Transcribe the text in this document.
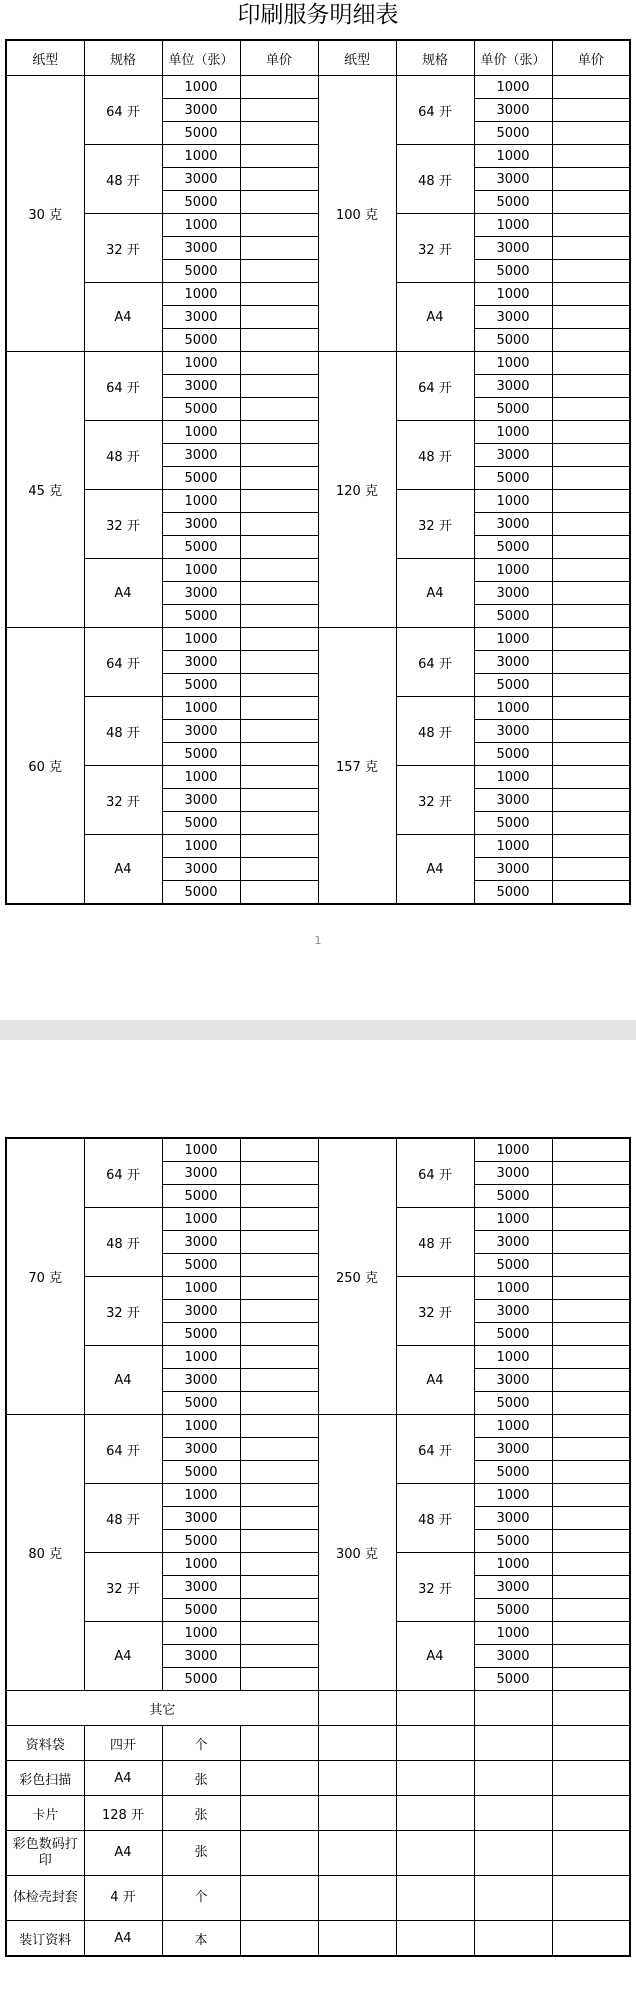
印刷服务明细表
1
纸型	规格	单位（张）	单价	纸型	规格	单价（张）	单价
30 克	64 开	1000		100 克	64 开	1000	
		3000				3000	
		5000				5000	
	48 开	1000			48 开	1000	
		3000				3000	
		5000				5000	
	32 开	1000			32 开	1000	
		3000				3000	
		5000				5000	
	A4	1000			A4	1000	
		3000				3000	
		5000				5000	
45 克	64 开	1000		120 克	64 开	1000	
		3000				3000	
		5000				5000	
	48 开	1000			48 开	1000	
		3000				3000	
		5000				5000	
	32 开	1000			32 开	1000	
		3000				3000	
		5000				5000	
	A4	1000			A4	1000	
		3000				3000	
		5000				5000	
60 克	64 开	1000		157 克	64 开	1000	
		3000				3000	
		5000				5000	
	48 开	1000			48 开	1000	
		3000				3000	
		5000				5000	
	32 开	1000			32 开	1000	
		3000				3000	
		5000				5000	
	A4	1000			A4	1000	
		3000				3000	
		5000				5000	
70 克	64 开	1000		250 克	64 开	1000	
		3000				3000	
		5000				5000	
	48 开	1000			48 开	1000	
		3000				3000	
		5000				5000	
	32 开	1000			32 开	1000	
		3000				3000	
		5000				5000	
	A4	1000			A4	1000	
		3000				3000	
		5000				5000	
80 克	64 开	1000		300 克	64 开	1000	
		3000				3000	
		5000				5000	
	48 开	1000			48 开	1000	
		3000				3000	
		5000				5000	
	32 开	1000			32 开	1000	
		3000				3000	
		5000				5000	
	A4	1000			A4	1000	
		3000				3000	
		5000				5000	
其它							
资料袋	四开	个					
彩色扫描	A4	张					
卡片	128 开	张					
彩色数码打印	A4	张					
体检壳封套	4 开	个					
装订资料	A4	本					
